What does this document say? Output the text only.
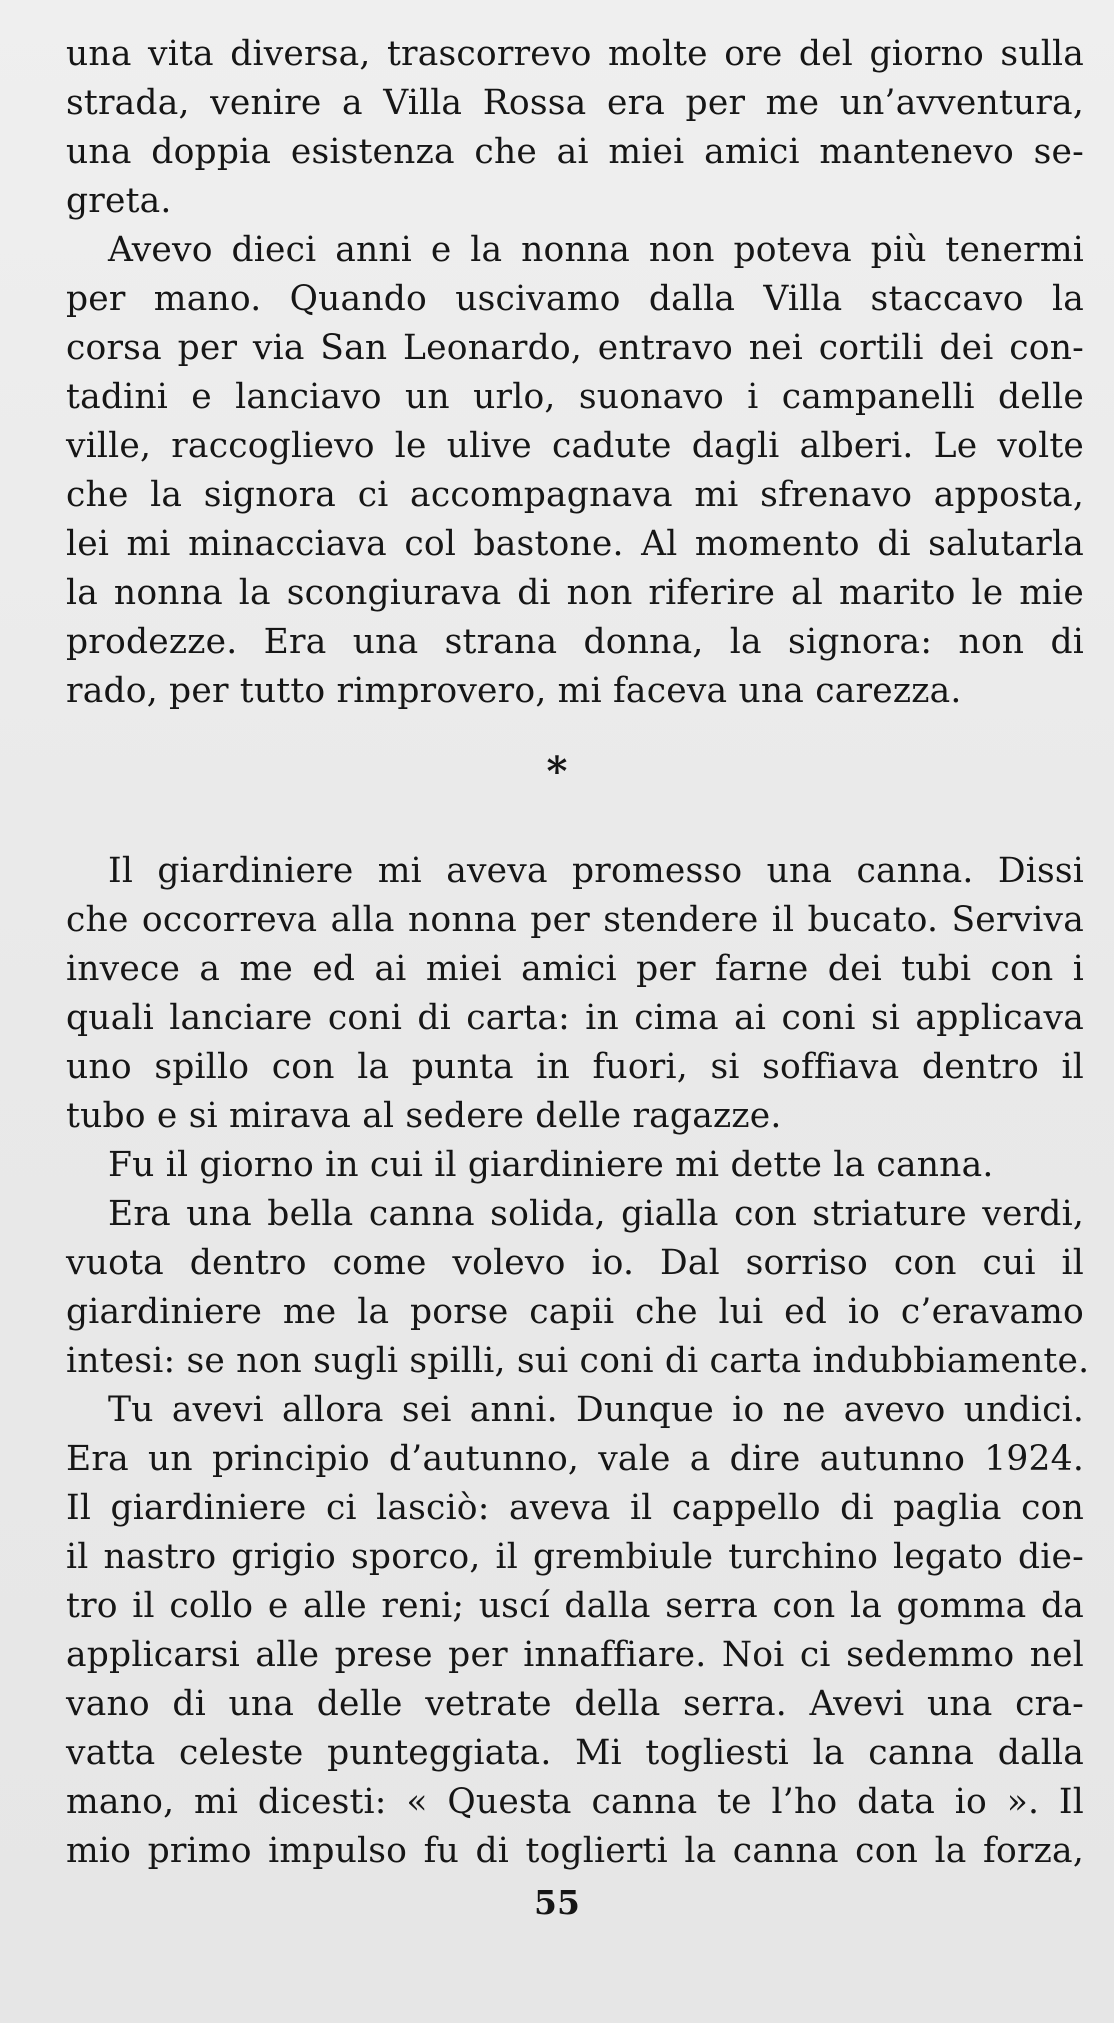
una vita diversa, trascorrevo molte ore del giorno sulla
strada, venire a Villa Rossa era per me un’avventura,
una doppia esistenza che ai miei amici mantenevo se-
greta.
Avevo dieci anni e la nonna non poteva più tenermi
per mano. Quando uscivamo dalla Villa staccavo la
corsa per via San Leonardo, entravo nei cortili dei con-
tadini e lanciavo un urlo, suonavo i campanelli delle
ville, raccoglievo le ulive cadute dagli alberi. Le volte
che la signora ci accompagnava mi sfrenavo apposta,
lei mi minacciava col bastone. Al momento di salutarla
la nonna la scongiurava di non riferire al marito le mie
prodezze. Era una strana donna, la signora: non di
rado, per tutto rimprovero, mi faceva una carezza.
Il giardiniere mi aveva promesso una canna. Dissi
che occorreva alla nonna per stendere il bucato. Serviva
invece a me ed ai miei amici per farne dei tubi con i
quali lanciare coni di carta: in cima ai coni si applicava
uno spillo con la punta in fuori, si soffiava dentro il
tubo e si mirava al sedere delle ragazze.
Fu il giorno in cui il giardiniere mi dette la canna.
Era una bella canna solida, gialla con striature verdi,
vuota dentro come volevo io. Dal sorriso con cui il
giardiniere me la porse capii che lui ed io c’eravamo
intesi: se non sugli spilli, sui coni di carta indubbiamente.
Tu avevi allora sei anni. Dunque io ne avevo undici.
Era un principio d’autunno, vale a dire autunno 1924.
Il giardiniere ci lasciò: aveva il cappello di paglia con
il nastro grigio sporco, il grembiule turchino legato die-
tro il collo e alle reni; uscí dalla serra con la gomma da
applicarsi alle prese per innaffiare. Noi ci sedemmo nel
vano di una delle vetrate della serra. Avevi una cra-
vatta celeste punteggiata. Mi togliesti la canna dalla
mano, mi dicesti: « Questa canna te l’ho data io ». Il
mio primo impulso fu di toglierti la canna con la forza,
*
55
